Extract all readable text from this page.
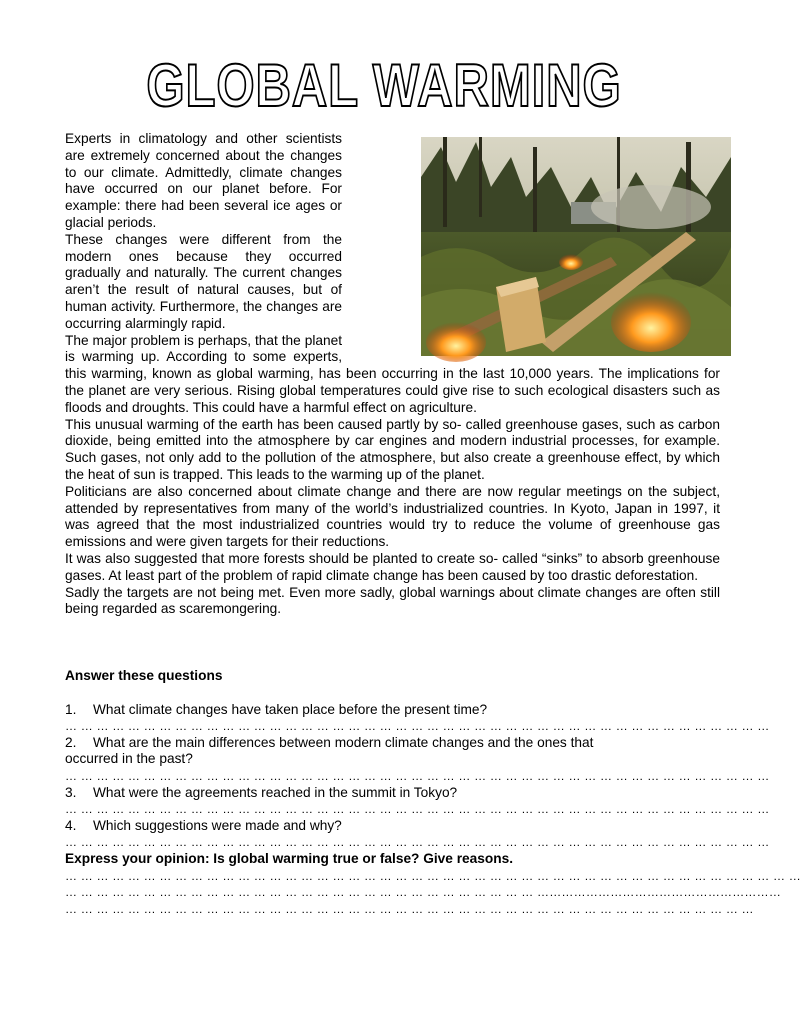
GLOBAL WARMING

Experts in climatology and other scientists are extremely concerned about the changes to our climate. Admittedly, climate changes have occurred on our planet before. For example: there had been several ice ages or glacial periods.

These changes were different from the modern ones because they occurred gradually and naturally. The current changes aren’t the result of natural causes, but of human activity. Furthermore, the changes are occurring alarmingly rapid.

The major problem is perhaps, that the planet is warming up. According to some experts, this warming, known as global warming, has been occurring in the last 10,000 years. The implications for the planet are very serious. Rising global temperatures could give rise to such ecological disasters such as floods and droughts. This could have a harmful effect on agriculture.

This unusual warming of the earth has been caused partly by so- called greenhouse gases, such as carbon dioxide, being emitted into the atmosphere by car engines and modern industrial processes, for example. Such gases, not only add to the pollution of the atmosphere, but also create a greenhouse effect, by which the heat of sun is trapped. This leads to the warming up of the planet.

Politicians are also concerned about climate change and there are now regular meetings on the subject, attended by representatives from many of the world’s industrialized countries. In Kyoto, Japan in 1997, it was agreed that the most industrialized countries would try to reduce the volume of greenhouse gas emissions and were given targets for their reductions.

It was also suggested that more forests should be planted to create so- called “sinks” to absorb greenhouse gases. At least part of the problem of rapid climate change has been caused by too drastic deforestation.

Sadly the targets are not being met. Even more sadly, global warnings about climate changes are often still being regarded as scaremongering.

Answer these questions

1. What climate changes have taken place before the present time?

… … … … … … … … … … … … … … … … … … … … … … … … … … … … … … … … … … … … … … … … … … … … …

2. What are the main differences between modern climate changes and the ones that

occurred in the past?

… … … … … … … … … … … … … … … … … … … … … … … … … … … … … … … … … … … … … … … … … … … … …

3. What were the agreements reached in the summit in Tokyo?

… … … … … … … … … … … … … … … … … … … … … … … … … … … … … … … … … … … … … … … … … … … … …

4. Which suggestions were made and why?

… … … … … … … … … … … … … … … … … … … … … … … … … … … … … … … … … … … … … … … … … … … … …

Express your opinion: Is global warming true or false? Give reasons.

… … … … … … … … … … … … … … … … … … … … … … … … … … … … … … … … … … … … … … … … … … … … … … …

… … … … … … … … … … … … … … … … … … … … … … … … … … … … … … ……………………………………………………

… … … … … … … … … … … … … … … … … … … … … … … … … … … … … … … … … … … … … … … … … … … …
